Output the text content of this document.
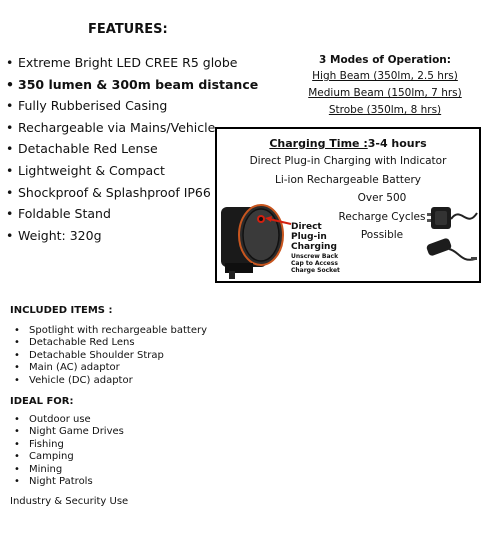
FEATURES:
• Extreme Bright LED CREE R5 globe
• 350 lumen & 300m beam distance
• Fully Rubberised Casing
• Rechargeable via Mains/Vehicle
• Detachable Red Lense
• Lightweight & Compact
• Shockproof & Splashproof IP66
• Foldable Stand
• Weight: 320g
3 Modes of Operation:
High Beam (350lm, 2.5 hrs)
Medium Beam (150lm, 7 hrs)
Strobe (350lm, 8 hrs)
Charging Time :3-4 hours
Direct Plug-in Charging with Indicator
Li-ion Rechargeable Battery
Over 500
Recharge Cycles
Possible
Direct
Plug-in
Charging
Unscrew Back
Cap to Access
Charge Socket
INCLUDED ITEMS :
• Spotlight with rechargeable battery
• Detachable Red Lens
• Detachable Shoulder Strap
• Main (AC) adaptor
• Vehicle (DC) adaptor
IDEAL FOR:
• Outdoor use
• Night Game Drives
• Fishing
• Camping
• Mining
• Night Patrols
Industry & Security Use
